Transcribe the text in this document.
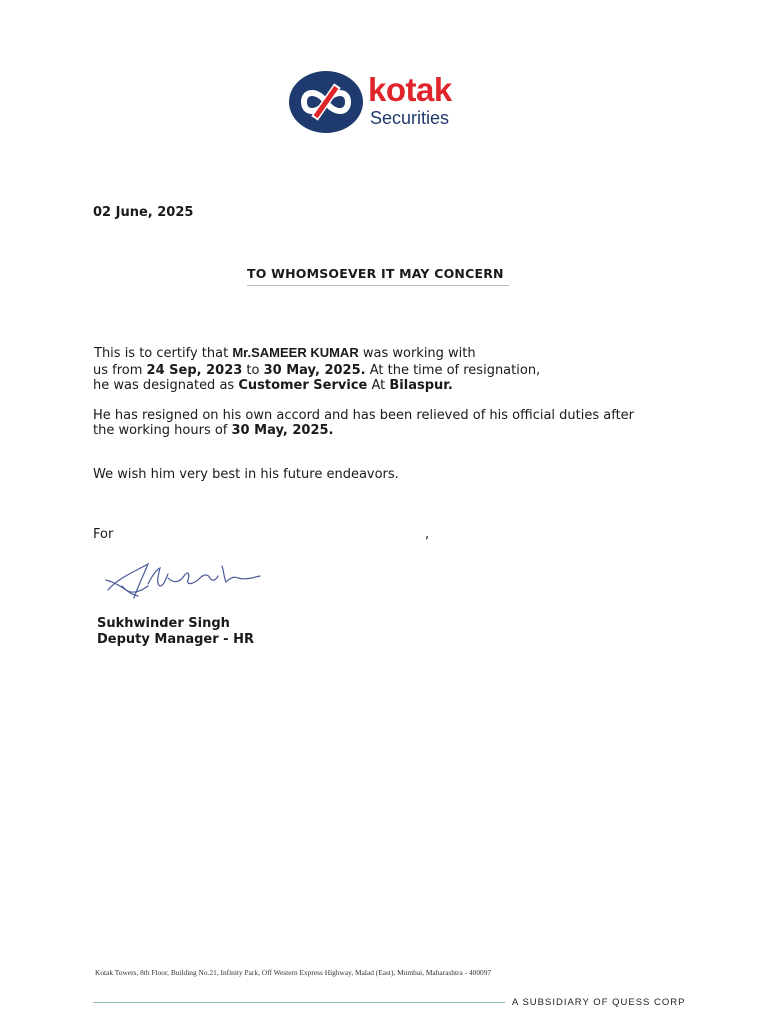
kotak
Securities
02 June, 2025
TO WHOMSOEVER IT MAY CONCERN
This is to certify that Mr.SAMEER KUMAR was working with
us from 24 Sep, 2023 to 30 May, 2025. At the time of resignation,
he was designated as Customer Service At Bilaspur.
He has resigned on his own accord and has been relieved of his official duties after
the working hours of 30 May, 2025.
We wish him very best in his future endeavors.
For	,
Sukhwinder Singh
Deputy Manager - HR
Kotak Towers, 8th Floor, Building No.21, Infinity Park, Off Western Express Highway, Malad (East), Mumbai, Maharashtra - 400097
A SUBSIDIARY OF QUESS CORP
